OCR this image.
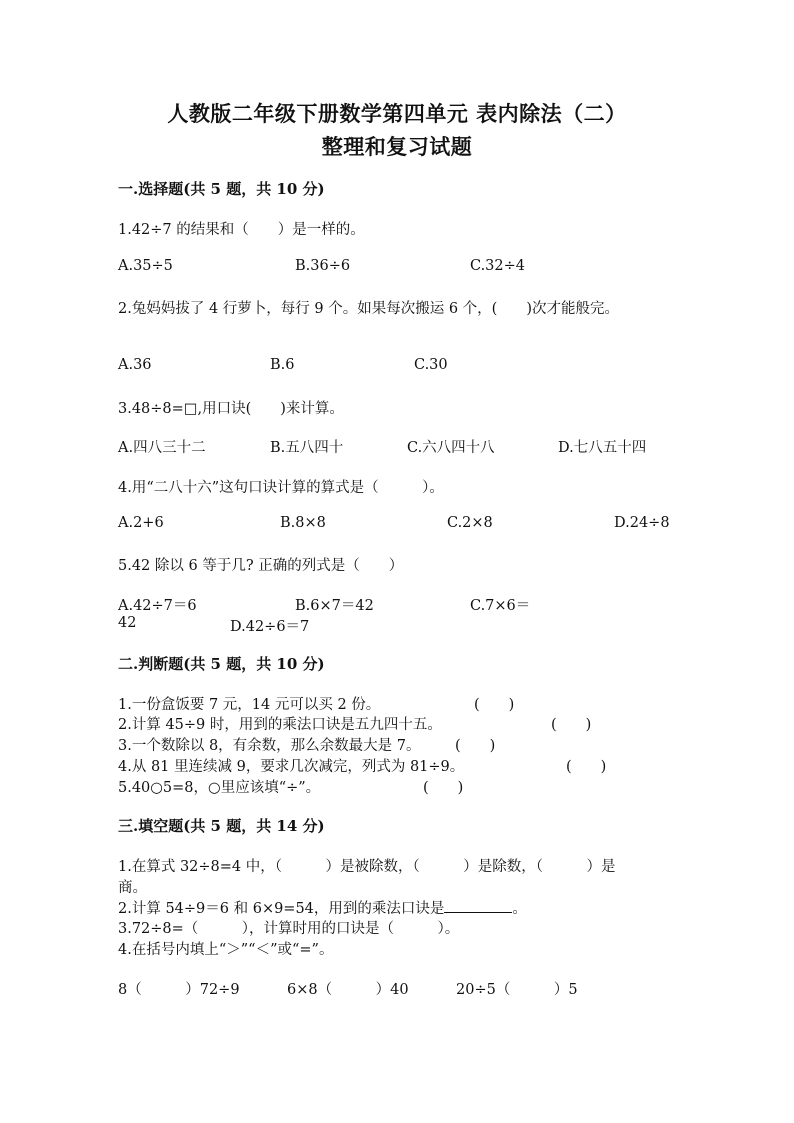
人教版二年级下册数学第四单元 表内除法（二）
整理和复习试题
一.选择题(共 5 题，共 10 分)
1.42÷7 的结果和（　　）是一样的。
A.35÷5	B.36÷6	C.32÷4
2.兔妈妈拔了 4 行萝卜，每行 9 个。如果每次搬运 6 个，(　　)次才能般完。
A.36	B.6	C.30
3.48÷8=□,用口诀(　　)来计算。
A.四八三十二	B.五八四十	C.六八四十八	D.七八五十四
4.用“二八十六”这句口诀计算的算式是（　　　）。
A.2+6	B.8×8	C.2×8	D.24÷8
5.42 除以 6 等于几? 正确的列式是（　　）
A.42÷7＝6	B.6×7＝42	C.7×6＝
42	D.42÷6＝7
二.判断题(共 5 题，共 10 分)
1.一份盒饭要 7 元，14 元可以买 2 份。	(　　)
2.计算 45÷9 时，用到的乘法口诀是五九四十五。	(　　)
3.一个数除以 8，有余数，那么余数最大是 7。 (　　)
4.从 81 里连续减 9，要求几次减完，列式为 81÷9。	(　　)
5.40○5=8，○里应该填“÷”。	(　　)
三.填空题(共 5 题，共 14 分)
1.在算式 32÷8=4 中，（　　　）是被除数，（　　　）是除数，（　　　）是
商。
2.计算 54÷9＝6 和 6×9=54，用到的乘法口诀是	。
3.72÷8=（　　　），计算时用的口诀是（　　　）。
4.在括号内填上“＞”“＜”或“=”。
8（　　　）72÷9	6×8（　　　）40	20÷5（　　　）5
